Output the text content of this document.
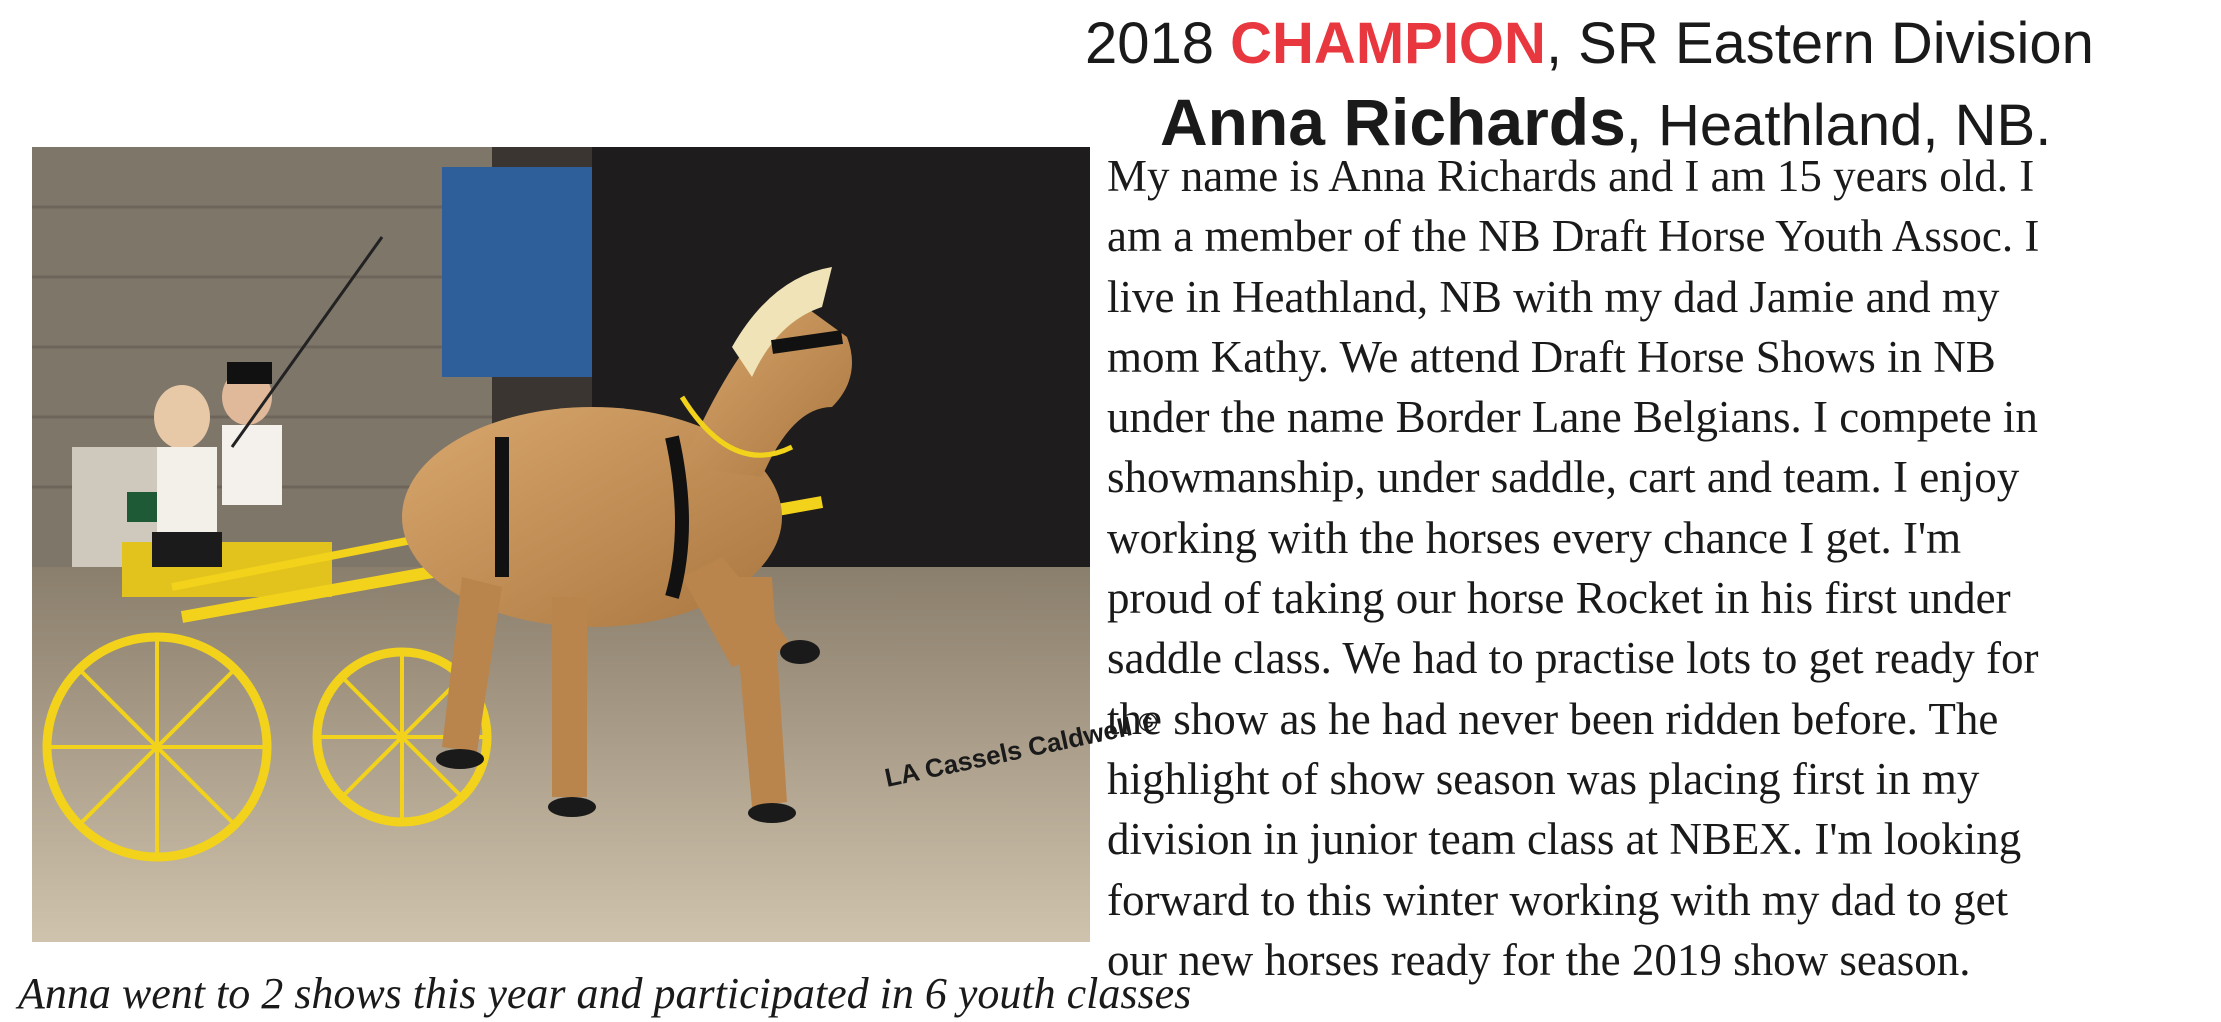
2018 CHAMPION, SR Eastern Division
Anna Richards, Heathland, NB.
LA Cassels Caldwell ©
My name is Anna Richards and I am 15 years old. I
am a member of the NB Draft Horse Youth Assoc. I
live in Heathland, NB with my dad Jamie and my
mom Kathy. We attend Draft Horse Shows in NB
under the name Border Lane Belgians. I compete in
showmanship, under saddle, cart and team. I enjoy
working with the horses every chance I get. I'm
proud of taking our horse Rocket in his first under
saddle class. We had to practise lots to get ready for
the show as he had never been ridden before. The
highlight of show season was placing first in my
division in junior team class at NBEX. I'm looking
forward to this winter working with my dad to get
our new horses ready for the 2019 show season.
Anna went to 2 shows this year and participated in 6 youth classes
